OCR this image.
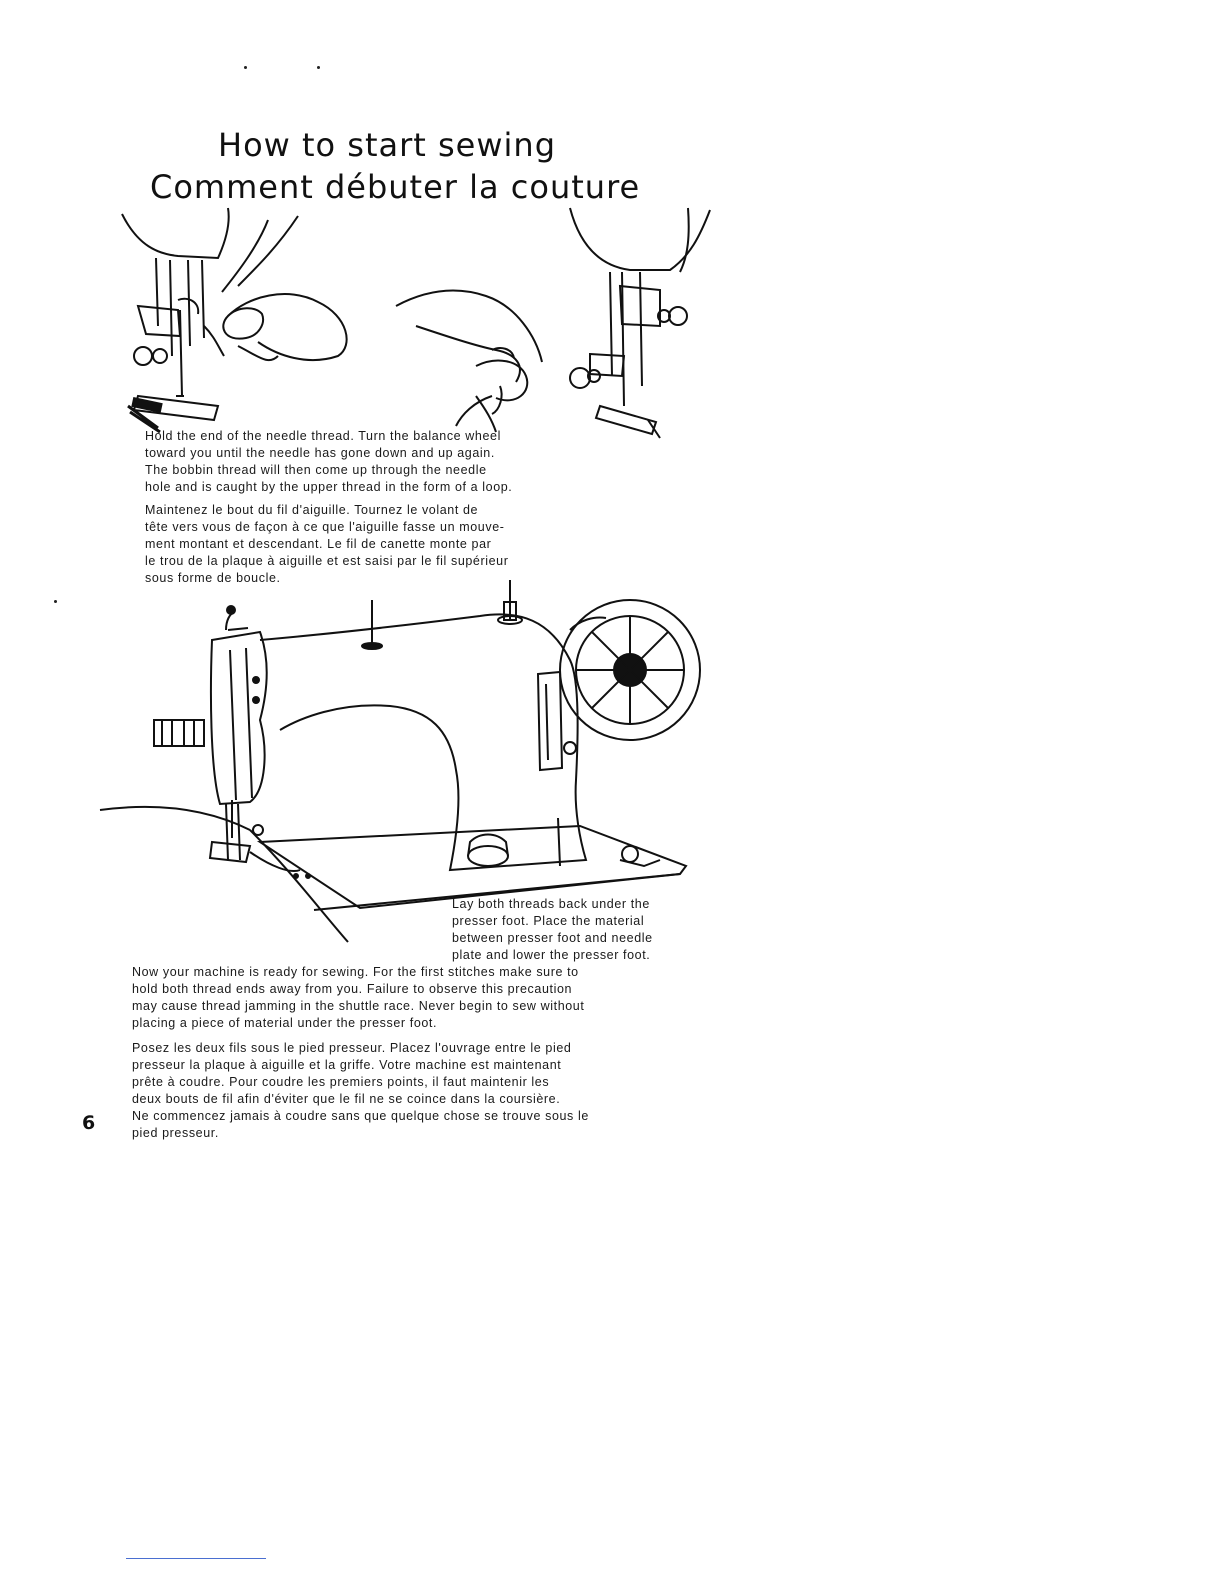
How to start sewing
Comment débuter la couture
Hold the end of the needle thread. Turn the balance wheel
toward you until the needle has gone down and up again.
The bobbin thread will then come up through the needle
hole and is caught by the upper thread in the form of a loop.
Maintenez le bout du fil d'aiguille. Tournez le volant de
tête vers vous de façon à ce que l'aiguille fasse un mouve-
ment montant et descendant. Le fil de canette monte par
le trou de la plaque à aiguille et est saisi par le fil supérieur
sous forme de boucle.
Lay both threads back under the
presser foot. Place the material
between presser foot and needle
plate and lower the presser foot.
Now your machine is ready for sewing. For the first stitches make sure to
hold both thread ends away from you. Failure to observe this precaution
may cause thread jamming in the shuttle race. Never begin to sew without
placing a piece of material under the presser foot.
Posez les deux fils sous le pied presseur. Placez l'ouvrage entre le pied
presseur la plaque à aiguille et la griffe. Votre machine est maintenant
prête à coudre. Pour coudre les premiers points, il faut maintenir les
deux bouts de fil afin d'éviter que le fil ne se coince dans la coursière.
Ne commencez jamais à coudre sans que quelque chose se trouve sous le
pied presseur.
6
